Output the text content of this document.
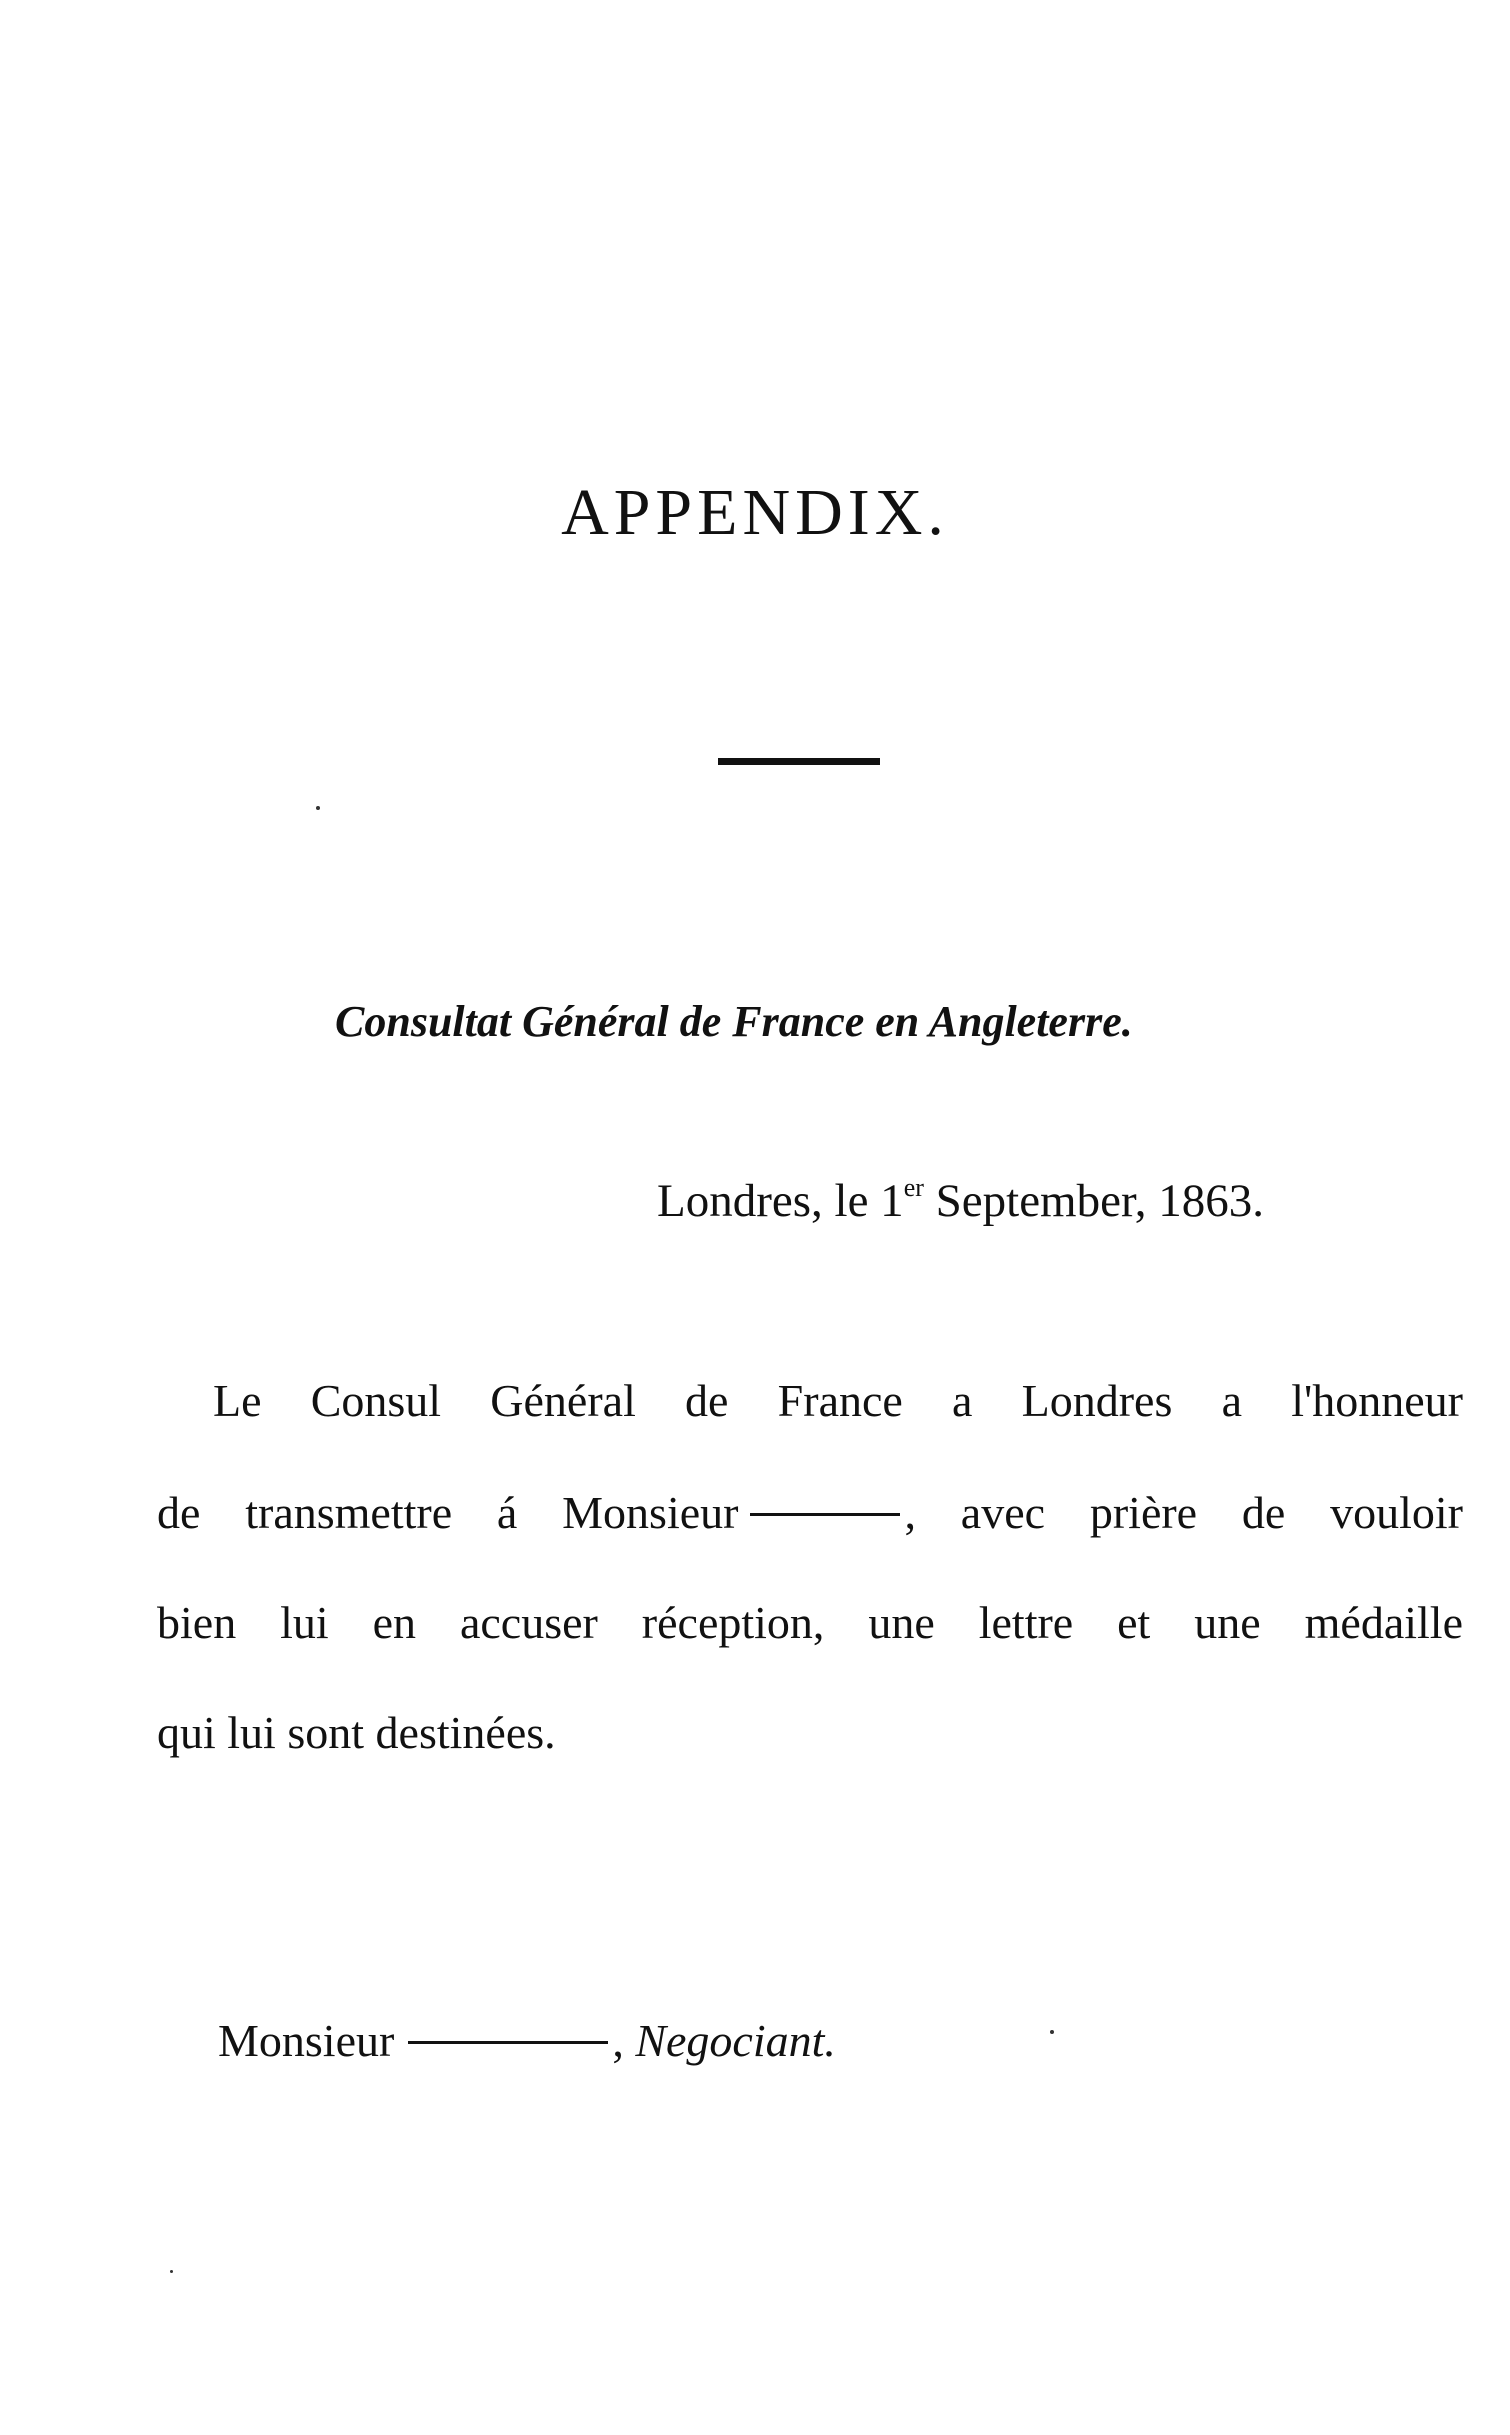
APPENDIX.
Consultat Général de France en Angleterre.
Londres, le 1er September, 1863.
Le Consul Général de France a Londres a l'honneur
de transmettre á Monsieur	, avec prière de vouloir
bien lui en accuser réception, une lettre et une médaille
qui lui sont destinées.
Monsieur	, Negociant.
